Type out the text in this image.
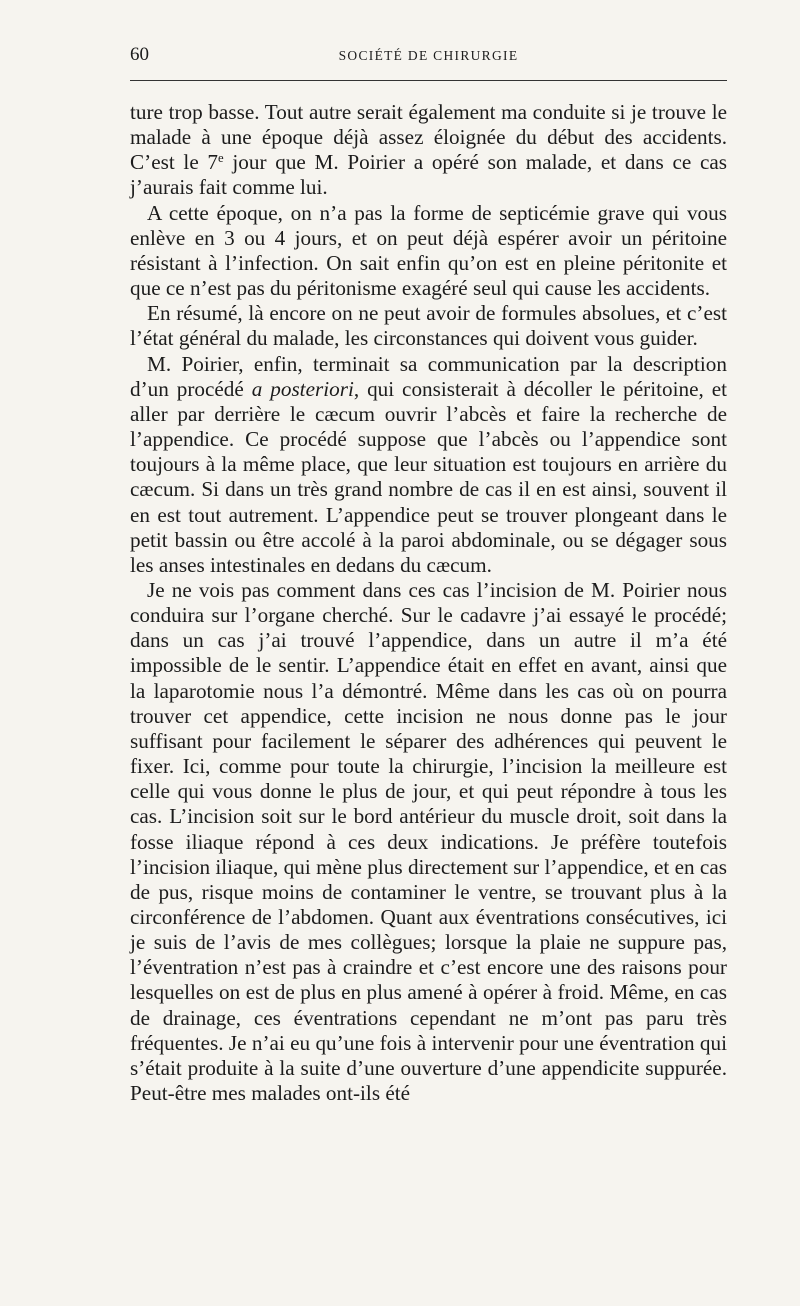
60	SOCIÉTÉ DE CHIRURGIE

ture trop basse. Tout autre serait également ma conduite si je trouve le malade à une époque déjà assez éloignée du début des accidents. C’est le 7e jour que M. Poirier a opéré son malade, et dans ce cas j’aurais fait comme lui.

A cette époque, on n’a pas la forme de septicémie grave qui vous enlève en 3 ou 4 jours, et on peut déjà espérer avoir un péritoine résistant à l’infection. On sait enfin qu’on est en pleine péritonite et que ce n’est pas du péritonisme exagéré seul qui cause les accidents.

En résumé, là encore on ne peut avoir de formules absolues, et c’est l’état général du malade, les circonstances qui doivent vous guider.

M. Poirier, enfin, terminait sa communication par la description d’un procédé a posteriori, qui consisterait à décoller le péritoine, et aller par derrière le cæcum ouvrir l’abcès et faire la recherche de l’appendice. Ce procédé suppose que l’abcès ou l’appendice sont toujours à la même place, que leur situation est toujours en arrière du cæcum. Si dans un très grand nombre de cas il en est ainsi, souvent il en est tout autrement. L’appendice peut se trouver plongeant dans le petit bassin ou être accolé à la paroi abdominale, ou se dégager sous les anses intestinales en dedans du cæcum.

Je ne vois pas comment dans ces cas l’incision de M. Poirier nous conduira sur l’organe cherché. Sur le cadavre j’ai essayé le procédé; dans un cas j’ai trouvé l’appendice, dans un autre il m’a été impossible de le sentir. L’appendice était en effet en avant, ainsi que la laparotomie nous l’a démontré. Même dans les cas où on pourra trouver cet appendice, cette incision ne nous donne pas le jour suffisant pour facilement le séparer des adhérences qui peuvent le fixer. Ici, comme pour toute la chirurgie, l’incision la meilleure est celle qui vous donne le plus de jour, et qui peut répondre à tous les cas. L’incision soit sur le bord antérieur du muscle droit, soit dans la fosse iliaque répond à ces deux indications. Je préfère toutefois l’incision iliaque, qui mène plus directement sur l’appendice, et en cas de pus, risque moins de contaminer le ventre, se trouvant plus à la circonférence de l’abdomen. Quant aux éventrations consécutives, ici je suis de l’avis de mes collègues; lorsque la plaie ne suppure pas, l’éventration n’est pas à craindre et c’est encore une des raisons pour lesquelles on est de plus en plus amené à opérer à froid. Même, en cas de drainage, ces éventrations cependant ne m’ont pas paru très fréquentes. Je n’ai eu qu’une fois à intervenir pour une éventration qui s’était produite à la suite d’une ouverture d’une appendicite suppurée. Peut-être mes malades ont-ils été
